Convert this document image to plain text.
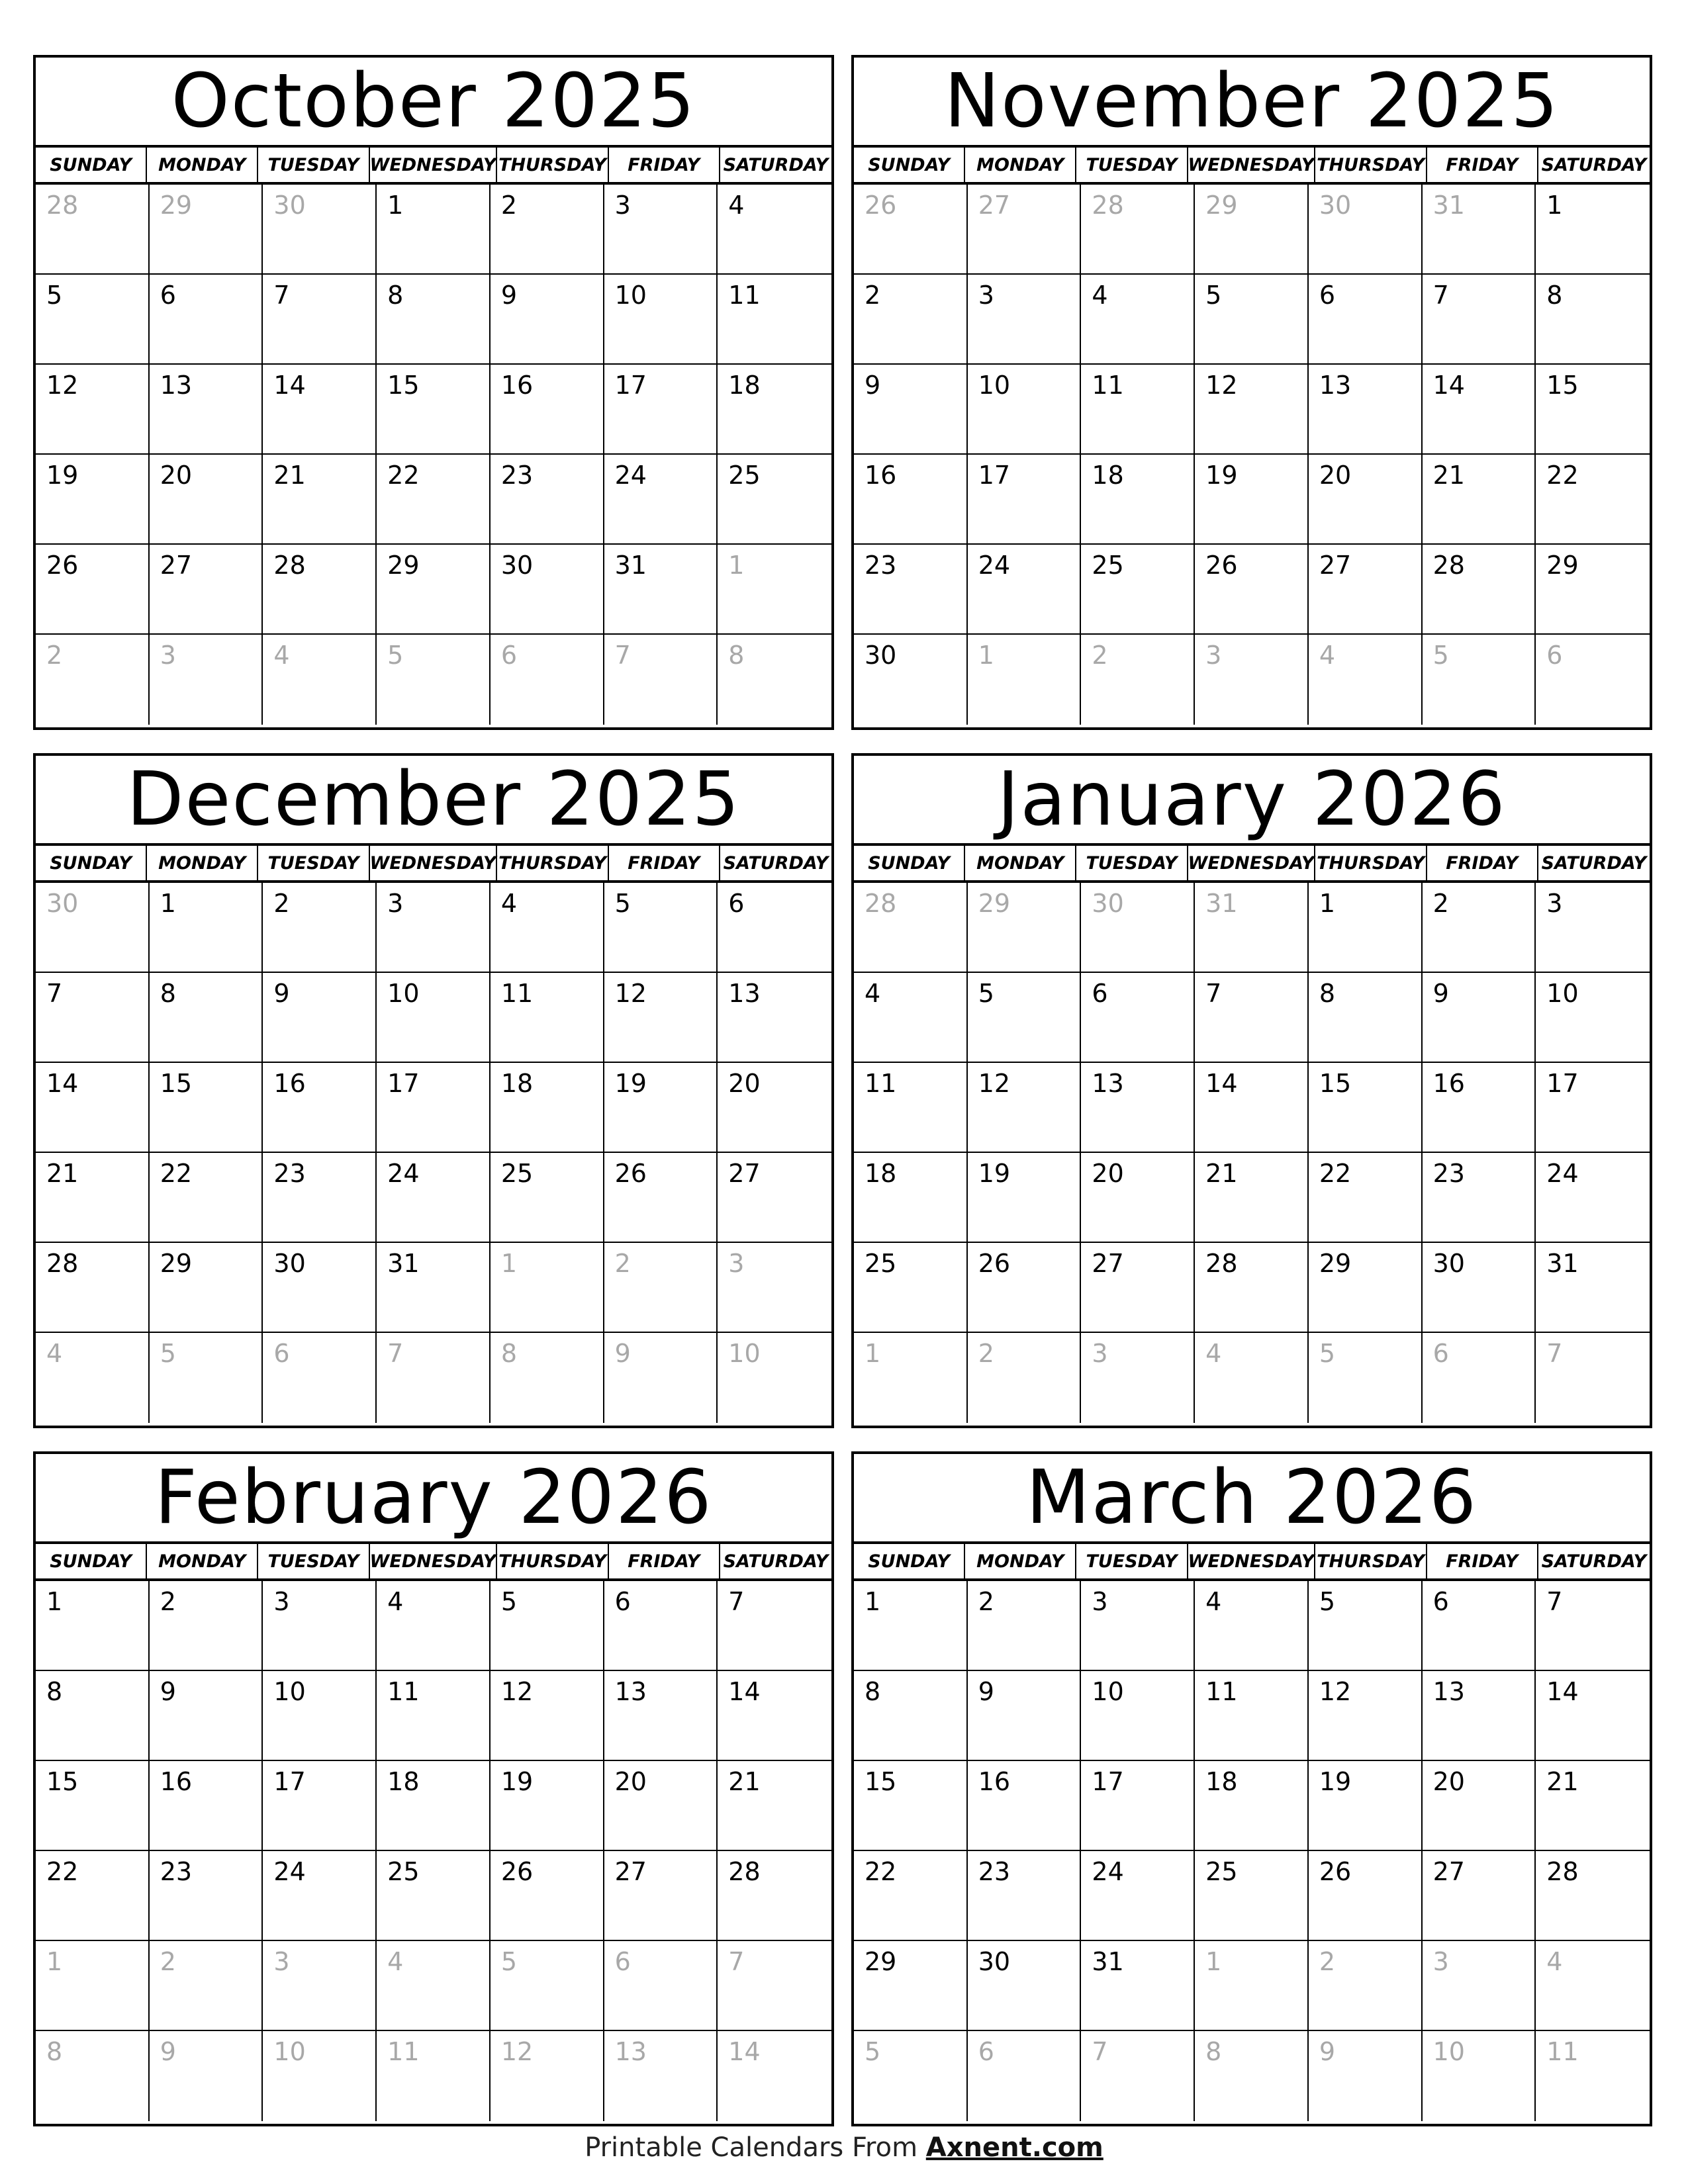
October 2025
SUNDAY	MONDAY	TUESDAY WEDNESDAY THURSDAY	FRIDAY	SATURDAY
28	29	30	1	2	3	4
5	6	7	8	9	10	11
12	13	14	15	16	17	18
19	20	21	22	23	24	25
26	27	28	29	30	31	1
2	3	4	5	6	7	8
November 2025
SUNDAY	MONDAY	TUESDAY WEDNESDAY THURSDAY	FRIDAY	SATURDAY
26	27	28	29	30	31	1
2	3	4	5	6	7	8
9	10	11	12	13	14	15
16	17	18	19	20	21	22
23	24	25	26	27	28	29
30	1	2	3	4	5	6
December 2025
SUNDAY	MONDAY	TUESDAY WEDNESDAY THURSDAY	FRIDAY	SATURDAY
30	1	2	3	4	5	6
7	8	9	10	11	12	13
14	15	16	17	18	19	20
21	22	23	24	25	26	27
28	29	30	31	1	2	3
4	5	6	7	8	9	10
January 2026
SUNDAY	MONDAY	TUESDAY WEDNESDAY THURSDAY	FRIDAY	SATURDAY
28	29	30	31	1	2	3
4	5	6	7	8	9	10
11	12	13	14	15	16	17
18	19	20	21	22	23	24
25	26	27	28	29	30	31
1	2	3	4	5	6	7
February 2026
SUNDAY	MONDAY	TUESDAY WEDNESDAY THURSDAY	FRIDAY	SATURDAY
1	2	3	4	5	6	7
8	9	10	11	12	13	14
15	16	17	18	19	20	21
22	23	24	25	26	27	28
1	2	3	4	5	6	7
8	9	10	11	12	13	14
March 2026
SUNDAY	MONDAY	TUESDAY WEDNESDAY THURSDAY	FRIDAY	SATURDAY
1	2	3	4	5	6	7
8	9	10	11	12	13	14
15	16	17	18	19	20	21
22	23	24	25	26	27	28
29	30	31	1	2	3	4
5	6	7	8	9	10	11
Printable Calendars From Axnent.com
